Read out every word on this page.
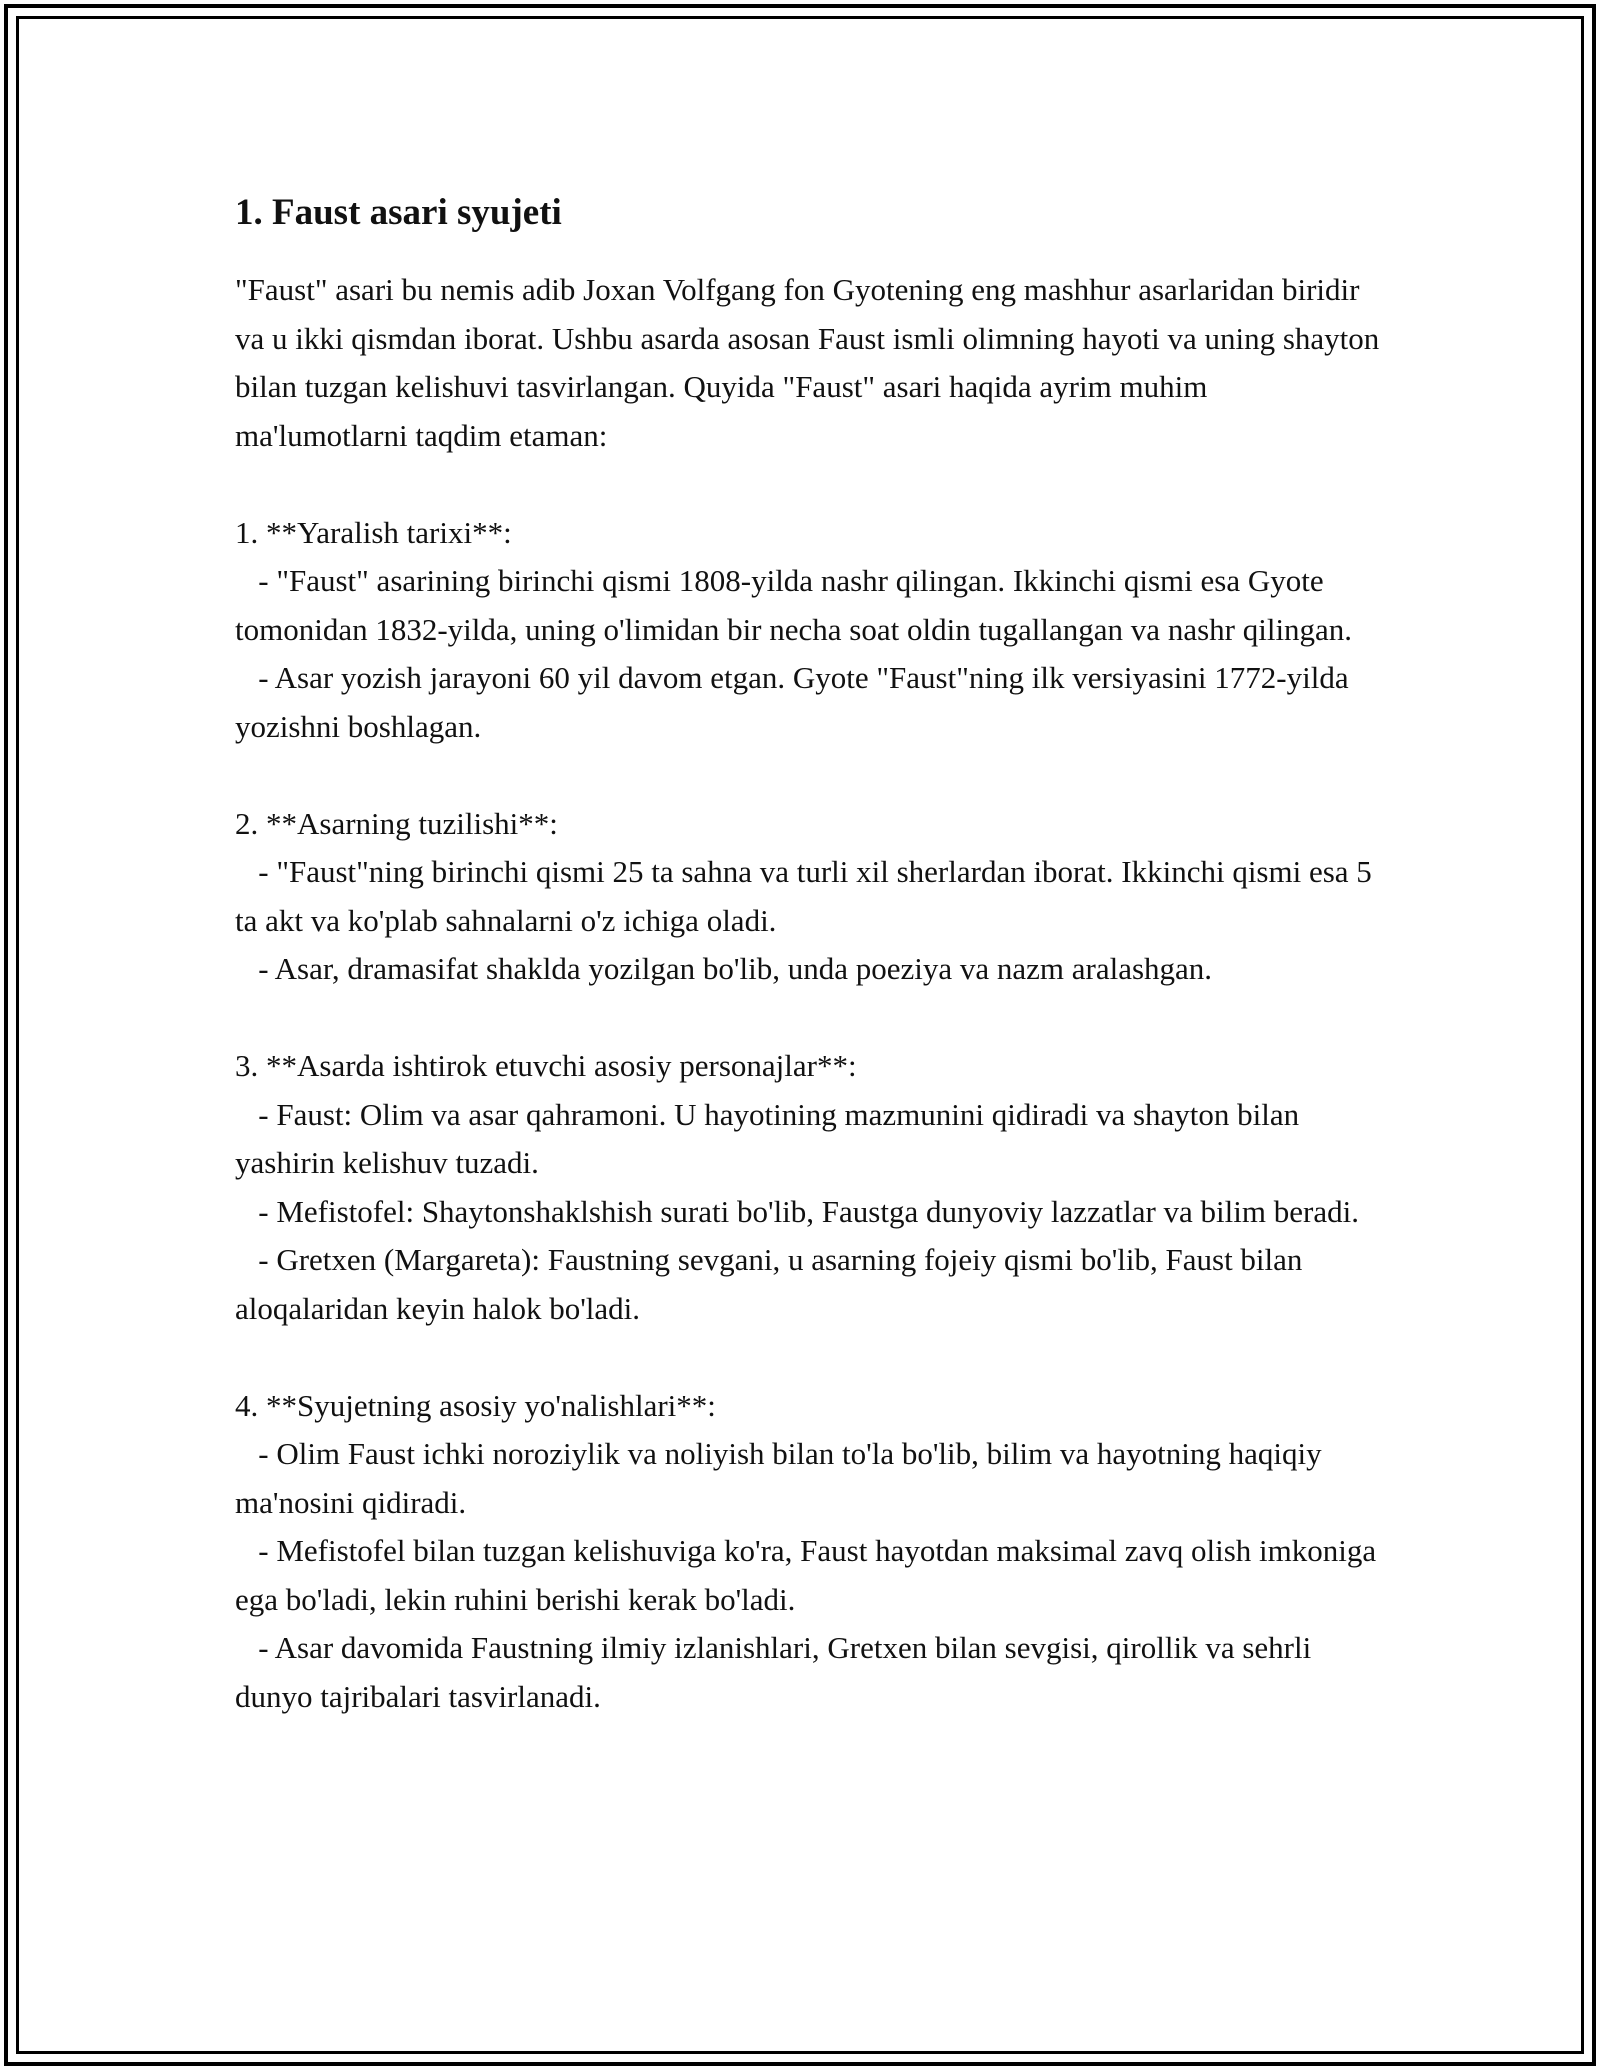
1. Faust asari syujeti

"Faust" asari bu nemis adib Joxan Volfgang fon Gyotening eng mashhur asarlaridan biridir va u ikki qismdan iborat. Ushbu asarda asosan Faust ismli olimning hayoti va uning shayton bilan tuzgan kelishuvi tasvirlangan. Quyida "Faust" asari haqida ayrim muhim ma'lumotlarni taqdim etaman:

1. **Yaralish tarixi**:

- "Faust" asarining birinchi qismi 1808-yilda nashr qilingan. Ikkinchi qismi esa Gyote tomonidan 1832-yilda, uning o'limidan bir necha soat oldin tugallangan va nashr qilingan.

- Asar yozish jarayoni 60 yil davom etgan. Gyote "Faust"ning ilk versiyasini 1772-yilda yozishni boshlagan.

2. **Asarning tuzilishi**:

- "Faust"ning birinchi qismi 25 ta sahna va turli xil sherlardan iborat. Ikkinchi qismi esa 5 ta akt va ko'plab sahnalarni o'z ichiga oladi.

- Asar, dramasifat shaklda yozilgan bo'lib, unda poeziya va nazm aralashgan.

3. **Asarda ishtirok etuvchi asosiy personajlar**:

- Faust: Olim va asar qahramoni. U hayotining mazmunini qidiradi va shayton bilan yashirin kelishuv tuzadi.

- Mefistofel: Shaytonshaklshish surati bo'lib, Faustga dunyoviy lazzatlar va bilim beradi.

- Gretxen (Margareta): Faustning sevgani, u asarning fojeiy qismi bo'lib, Faust bilan aloqalaridan keyin halok bo'ladi.

4. **Syujetning asosiy yo'nalishlari**:

- Olim Faust ichki noroziylik va noliyish bilan to'la bo'lib, bilim va hayotning haqiqiy ma'nosini qidiradi.

- Mefistofel bilan tuzgan kelishuviga ko'ra, Faust hayotdan maksimal zavq olish imkoniga ega bo'ladi, lekin ruhini berishi kerak bo'ladi.

- Asar davomida Faustning ilmiy izlanishlari, Gretxen bilan sevgisi, qirollik va sehrli dunyo tajribalari tasvirlanadi.
